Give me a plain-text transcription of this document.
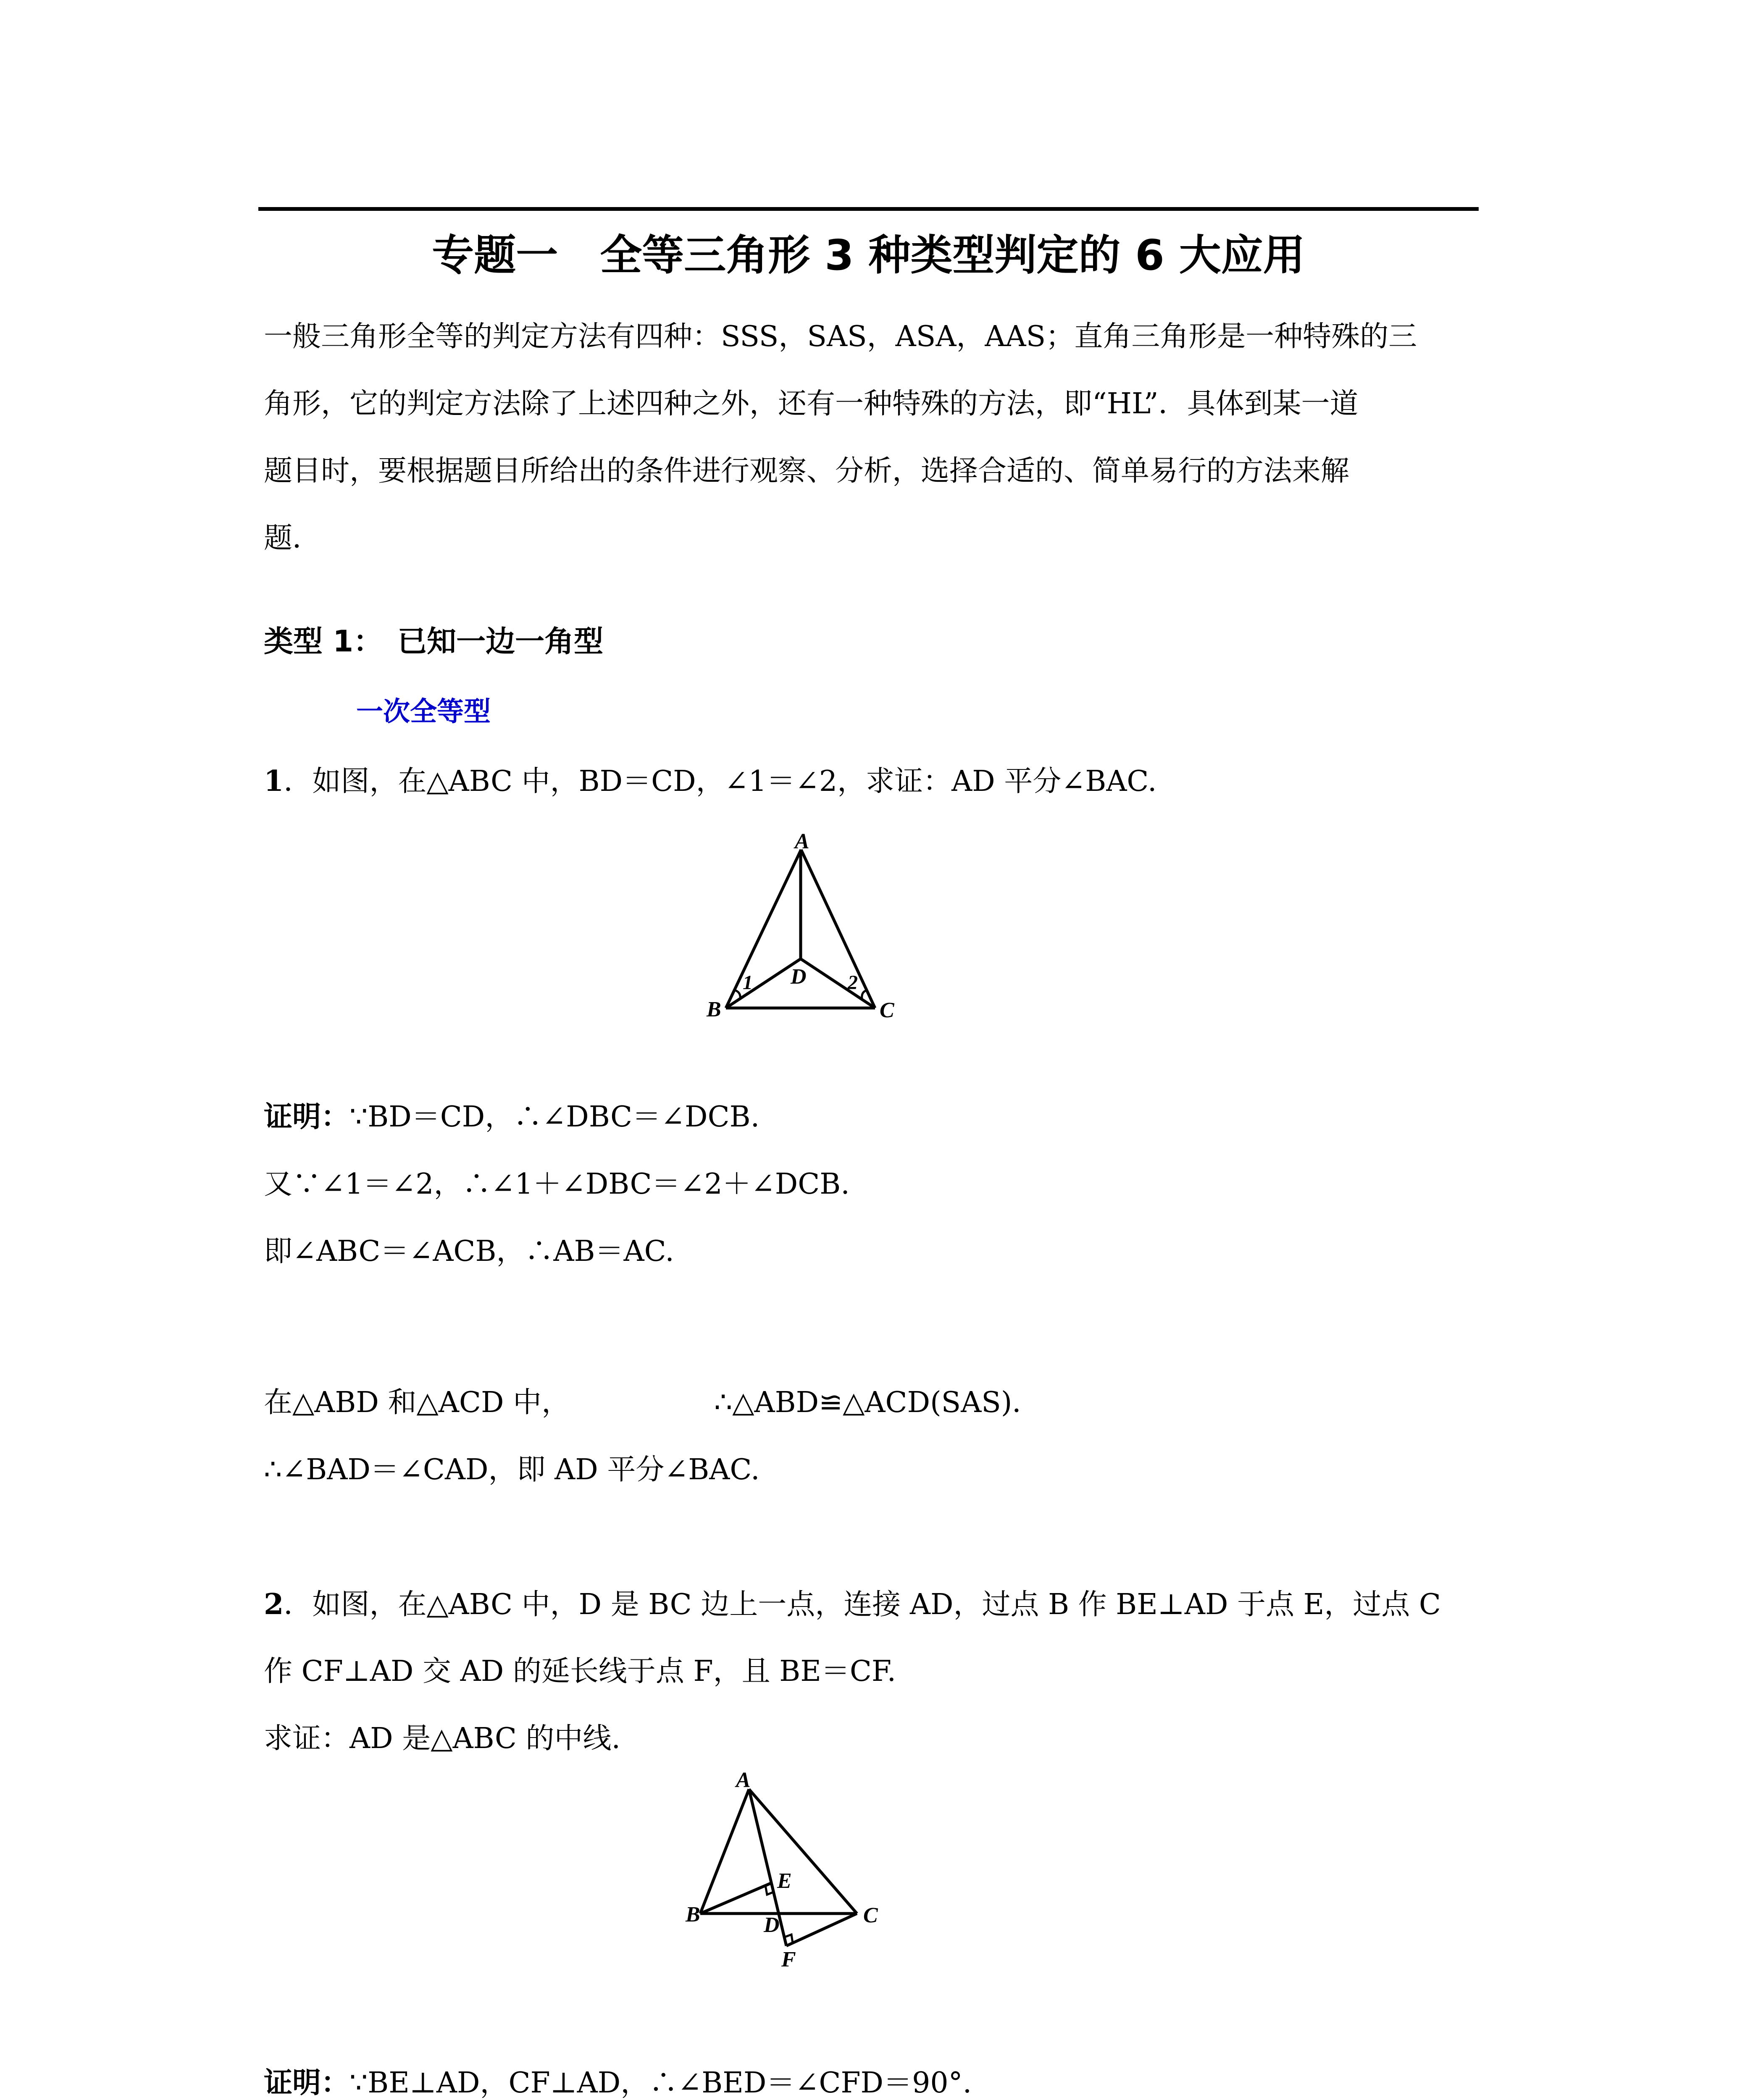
专题一　全等三角形 3 种类型判定的 6 大应用
一般三角形全等的判定方法有四种：SSS，SAS，ASA，AAS；直角三角形是一种特殊的三
角形，它的判定方法除了上述四种之外，还有一种特殊的方法，即“HL”．具体到某一道
题目时，要根据题目所给出的条件进行观察、分析，选择合适的、简单易行的方法来解
题．
类型 1：　已知一边一角型
一次全等型
1．如图，在△ABC 中，BD＝CD，∠1＝∠2，求证：AD 平分∠BAC.
A
B	C
D
1	2
证明：∵BD＝CD，∴∠DBC＝∠DCB.
又∵∠1＝∠2，∴∠1＋∠DBC＝∠2＋∠DCB.
即∠ABC＝∠ACB，∴AB＝AC.
在△ABD 和△ACD 中，	∴△ABD≌△ACD(SAS)．
∴∠BAD＝∠CAD，即 AD 平分∠BAC.
2．如图，在△ABC 中，D 是 BC 边上一点，连接 AD，过点 B 作 BE⊥AD 于点 E，过点 C
作 CF⊥AD 交 AD 的延长线于点 F，且 BE＝CF.
求证：AD 是△ABC 的中线.
A
B	C
D
E
F
证明：∵BE⊥AD，CF⊥AD，∴∠BED＝∠CFD＝90°.
